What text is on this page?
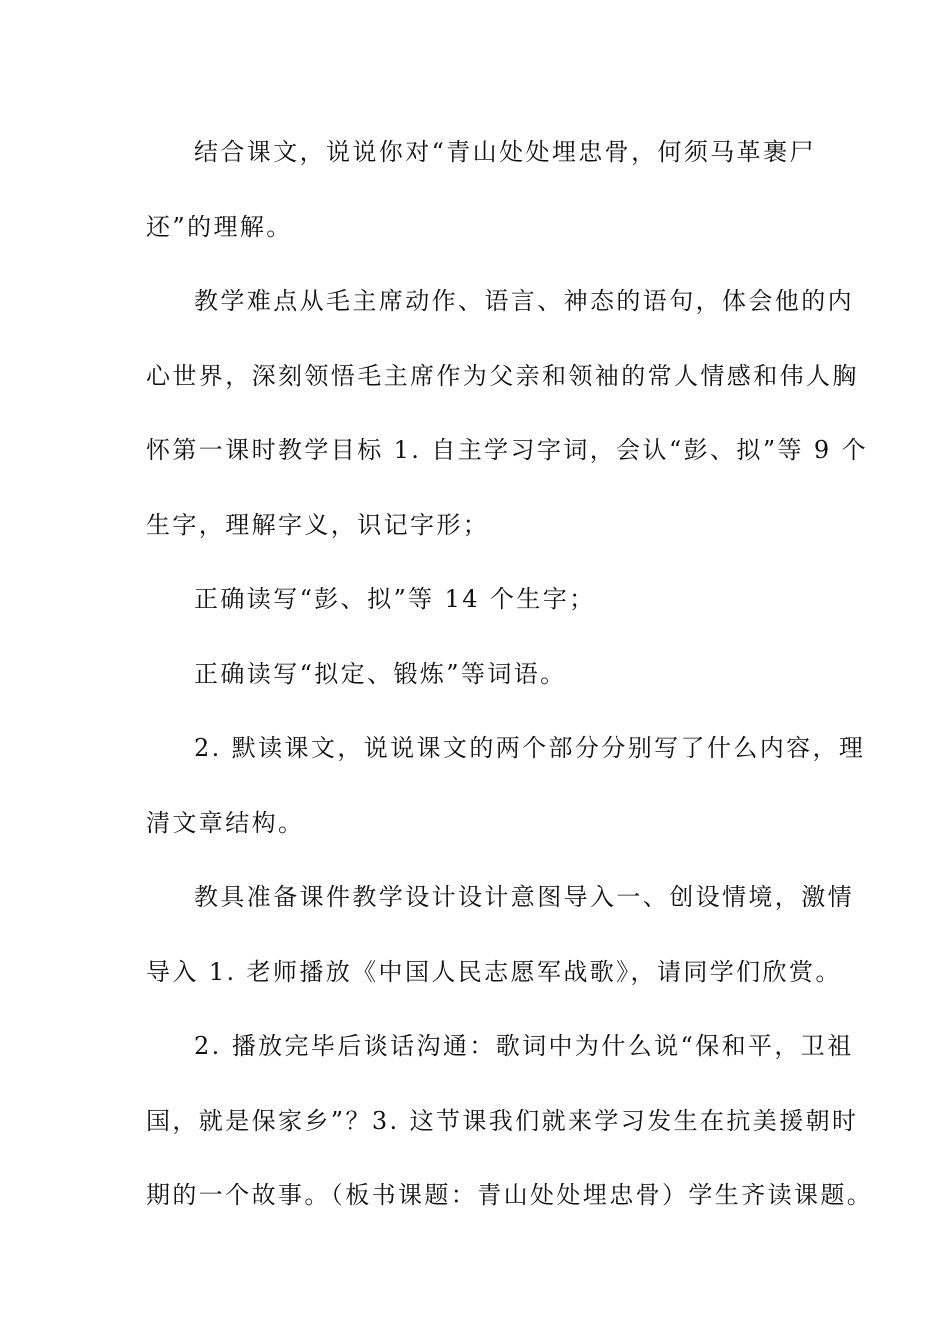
结合课文，说说你对“青山处处埋忠骨，何须马革裹尸
还”的理解。
教学难点从毛主席动作、语言、神态的语句，体会他的内
心世界，深刻领悟毛主席作为父亲和领袖的常人情感和伟人胸
怀第一课时教学目标 1. 自主学习字词，会认“彭、拟”等 9 个
生字，理解字义，识记字形；
正确读写“彭、拟”等 14 个生字；
正确读写“拟定、锻炼”等词语。
2. 默读课文，说说课文的两个部分分别写了什么内容，理
清文章结构。
教具准备课件教学设计设计意图导入一、创设情境，激情
导入 1. 老师播放《中国人民志愿军战歌》，请同学们欣赏。
2. 播放完毕后谈话沟通：歌词中为什么说“保和平，卫祖
国，就是保家乡”？3. 这节课我们就来学习发生在抗美援朝时
期的一个故事。（板书课题：青山处处埋忠骨）学生齐读课题。
